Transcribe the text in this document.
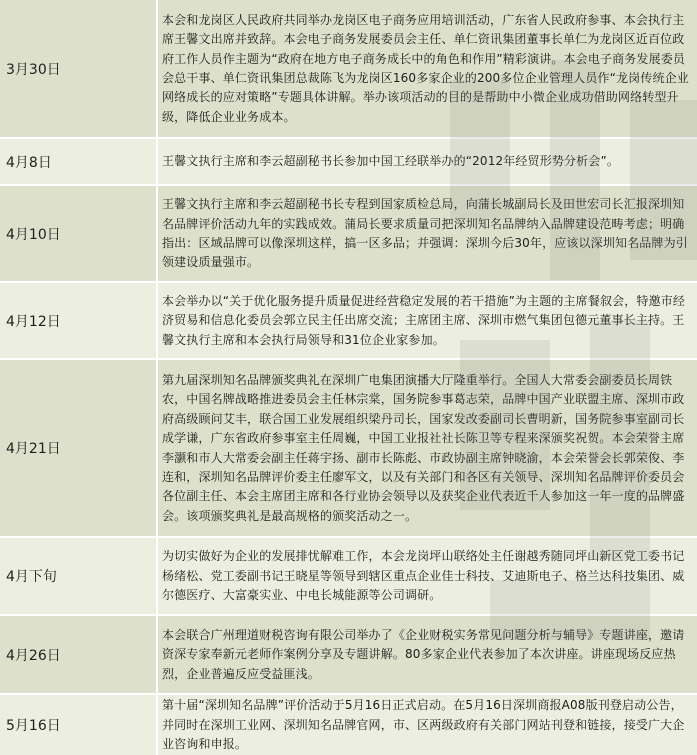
3月30日
本会和龙岗区人民政府共同举办龙岗区电子商务应用培训活动，广东省人民政府参事、本会执行主席王馨文出席并致辞。本会电子商务发展委员会主任、单仁资讯集团董事长单仁为龙岗区近百位政府工作人员作主题为“政府在地方电子商务成长中的角色和作用”精彩演讲。本会电子商务发展委员会总干事、单仁资讯集团总裁陈飞为龙岗区160多家企业的200多位企业管理人员作“龙岗传统企业网络成长的应对策略”专题具体讲解。举办该项活动的目的是帮助中小微企业成功借助网络转型升级，降低企业业务成本。
4月8日	王馨文执行主席和李云超副秘书长参加中国工经联举办的“2012年经贸形势分析会”。
4月10日
王馨文执行主席和李云超副秘书长专程到国家质检总局，向蒲长城副局长及田世宏司长汇报深圳知名品牌评价活动九年的实践成效。蒲局长要求质量司把深圳知名品牌纳入品牌建设范畴考虑；明确指出：区域品牌可以像深圳这样，搞一区多品；并强调：深圳今后30年，应该以深圳知名品牌为引领建设质量强市。
4月12日
本会举办以“关于优化服务提升质量促进经营稳定发展的若干措施”为主题的主席餐叙会，特邀市经济贸易和信息化委员会郭立民主任出席交流；主席团主席、深圳市燃气集团包德元董事长主持。王馨文执行主席和本会执行局领导和31位企业家参加。
4月21日
第九届深圳知名品牌颁奖典礼在深圳广电集团演播大厅隆重举行。全国人大常委会副委员长周铁农，中国名牌战略推进委员会主任林宗棠，国务院参事葛志荣，品牌中国产业联盟主席、深圳市政府高级顾问艾丰，联合国工业发展组织梁丹司长，国家发改委副司长曹明新，国务院参事室副司长成学谦，广东省政府参事室主任周巍，中国工业报社社长陈卫等专程来深颁奖祝贺。本会荣誉主席李灏和市人大常委会副主任蒋宇扬、副市长陈彪、市政协副主席钟晓渝，本会荣誉会长郭荣俊、李连和，深圳知名品牌评价委主任廖军文，以及有关部门和各区有关领导、深圳知名品牌评价委员会各位副主任、本会主席团主席和各行业协会领导以及获奖企业代表近千人参加这一年一度的品牌盛会。该项颁奖典礼是最高规格的颁奖活动之一。
4月下旬
为切实做好为企业的发展排忧解难工作，本会龙岗坪山联络处主任谢越秀随同坪山新区党工委书记杨绪松、党工委副书记王晓星等领导到辖区重点企业佳士科技、艾迪斯电子、格兰达科技集团、威尔德医疗、大富豪实业、中电长城能源等公司调研。
4月26日
本会联合广州理道财税咨询有限公司举办了《企业财税实务常见问题分析与辅导》专题讲座，邀请资深专家奉新元老师作案例分享及专题讲解。80多家企业代表参加了本次讲座。讲座现场反应热烈，企业普遍反应受益匪浅。
5月16日
第十届“深圳知名品牌”评价活动于5月16日正式启动。在5月16日深圳商报A08版刊登启动公告，并同时在深圳工业网、深圳知名品牌官网，市、区两级政府有关部门网站刊登和链接，接受广大企业咨询和申报。
